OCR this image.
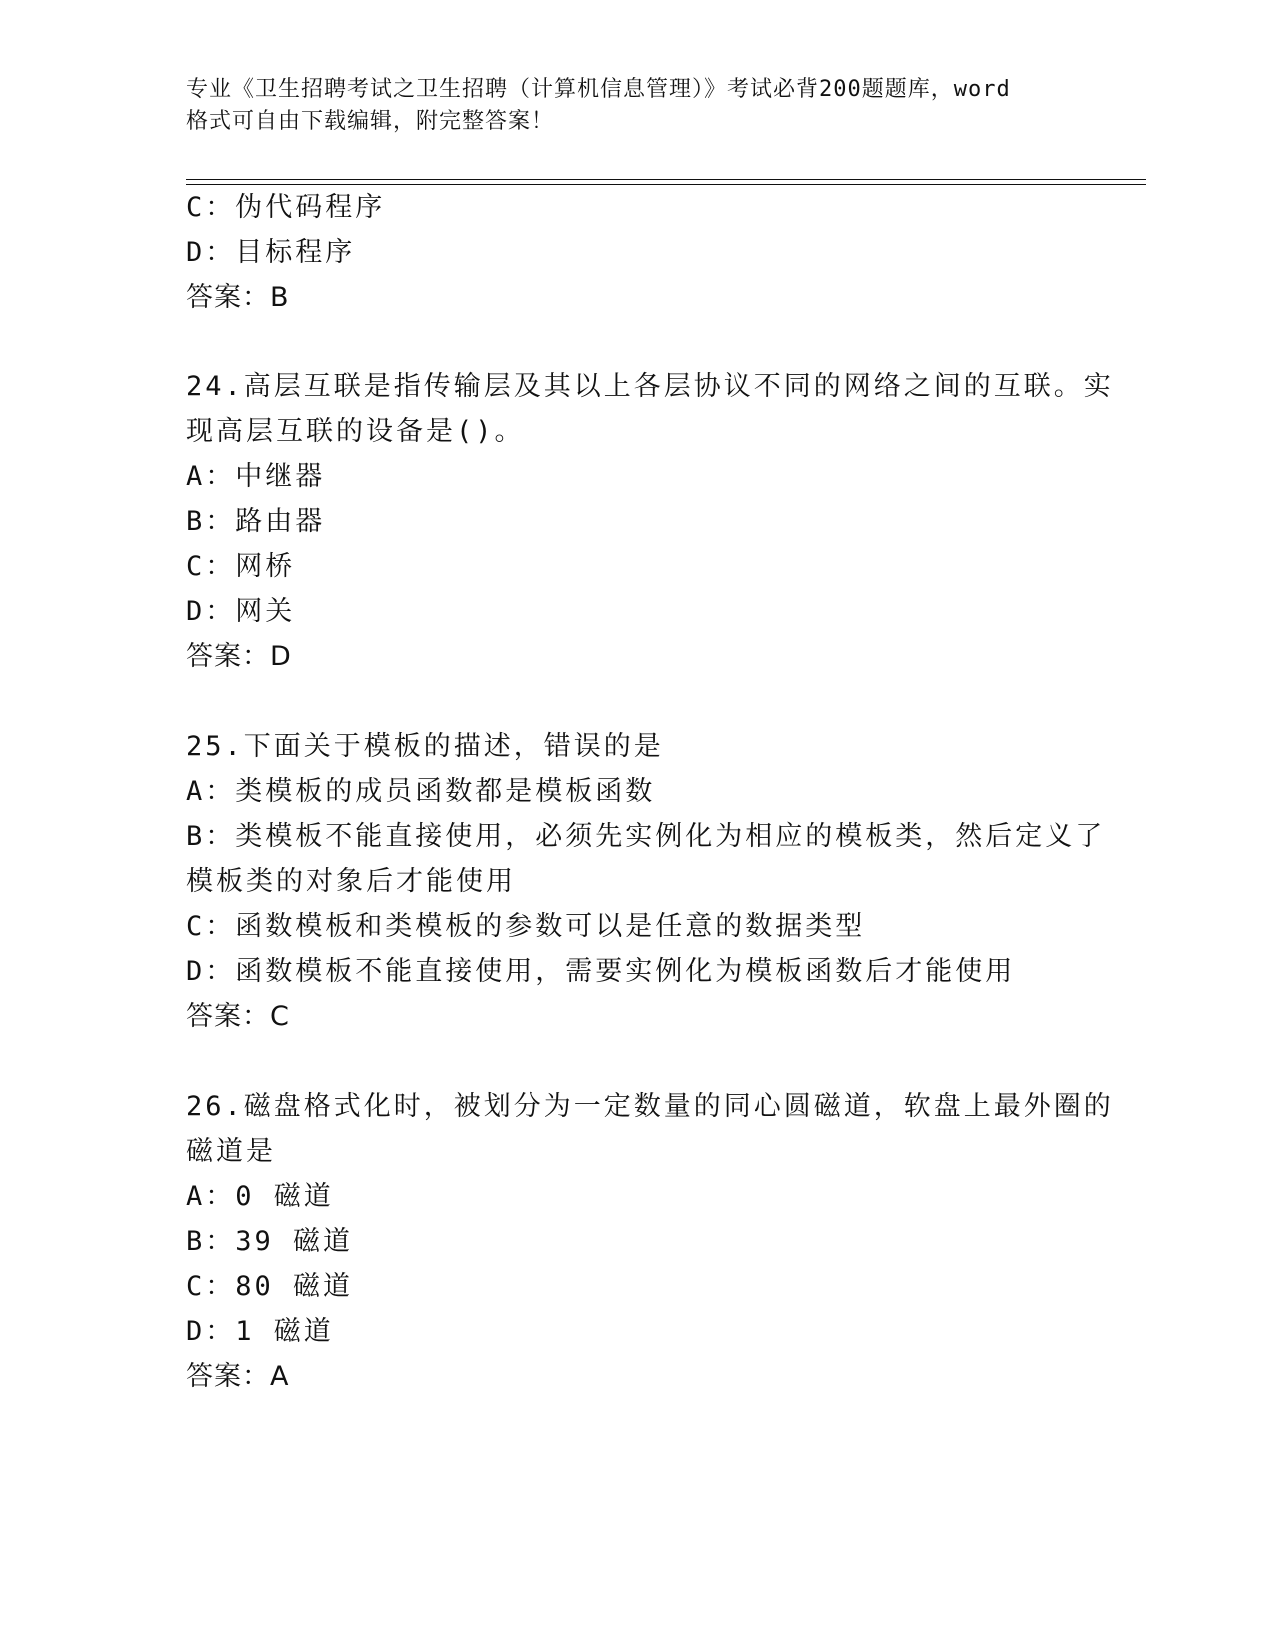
专业《卫生招聘考试之卫生招聘（计算机信息管理）》考试必背200题题库，word
格式可自由下载编辑，附完整答案！
C：伪代码程序
D：目标程序
答案：B
24.高层互联是指传输层及其以上各层协议不同的网络之间的互联。实
现高层互联的设备是()。
A：中继器
B：路由器
C：网桥
D：网关
答案：D
25.下面关于模板的描述，错误的是
A：类模板的成员函数都是模板函数
B：类模板不能直接使用，必须先实例化为相应的模板类，然后定义了
模板类的对象后才能使用
C：函数模板和类模板的参数可以是任意的数据类型
D：函数模板不能直接使用，需要实例化为模板函数后才能使用
答案：C
26.磁盘格式化时，被划分为一定数量的同心圆磁道，软盘上最外圈的
磁道是
A：0 磁道
B：39 磁道
C：80 磁道
D：1 磁道
答案：A
